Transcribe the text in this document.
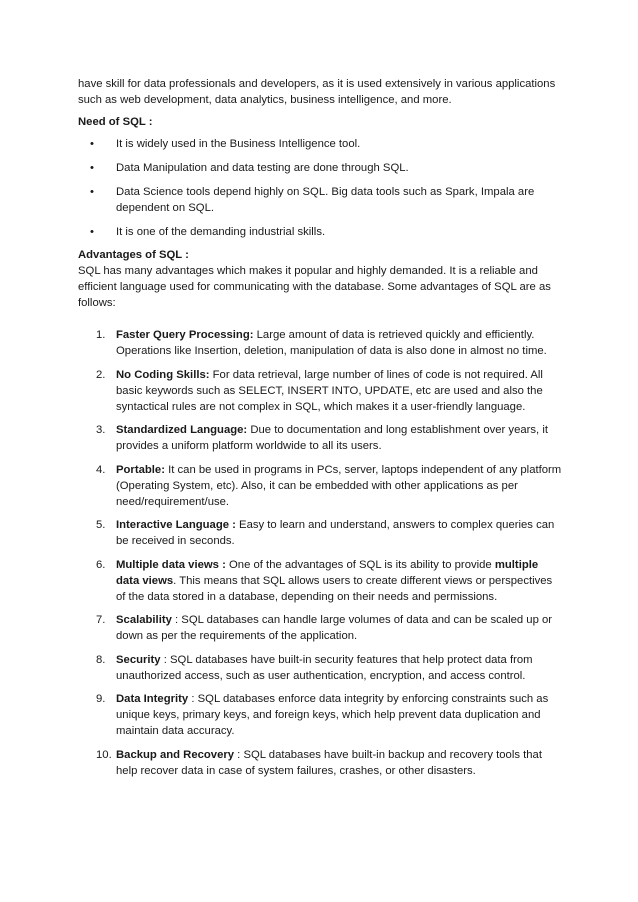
have skill for data professionals and developers, as it is used extensively in various applications such as web development, data analytics, business intelligence, and more.

Need of SQL :

• It is widely used in the Business Intelligence tool.
• Data Manipulation and data testing are done through SQL.
• Data Science tools depend highly on SQL. Big data tools such as Spark, Impala are dependent on SQL.
• It is one of the demanding industrial skills.

Advantages of SQL :

SQL has many advantages which makes it popular and highly demanded. It is a reliable and efficient language used for communicating with the database. Some advantages of SQL are as follows:

1. Faster Query Processing: Large amount of data is retrieved quickly and efficiently. Operations like Insertion, deletion, manipulation of data is also done in almost no time.
2. No Coding Skills: For data retrieval, large number of lines of code is not required. All basic keywords such as SELECT, INSERT INTO, UPDATE, etc are used and also the syntactical rules are not complex in SQL, which makes it a user-friendly language.
3. Standardized Language: Due to documentation and long establishment over years, it provides a uniform platform worldwide to all its users.
4. Portable: It can be used in programs in PCs, server, laptops independent of any platform (Operating System, etc). Also, it can be embedded with other applications as per need/requirement/use.
5. Interactive Language : Easy to learn and understand, answers to complex queries can be received in seconds.
6. Multiple data views : One of the advantages of SQL is its ability to provide multiple data views. This means that SQL allows users to create different views or perspectives of the data stored in a database, depending on their needs and permissions.
7. Scalability : SQL databases can handle large volumes of data and can be scaled up or down as per the requirements of the application.
8. Security : SQL databases have built-in security features that help protect data from unauthorized access, such as user authentication, encryption, and access control.
9. Data Integrity : SQL databases enforce data integrity by enforcing constraints such as unique keys, primary keys, and foreign keys, which help prevent data duplication and maintain data accuracy.
10. Backup and Recovery : SQL databases have built-in backup and recovery tools that help recover data in case of system failures, crashes, or other disasters.
